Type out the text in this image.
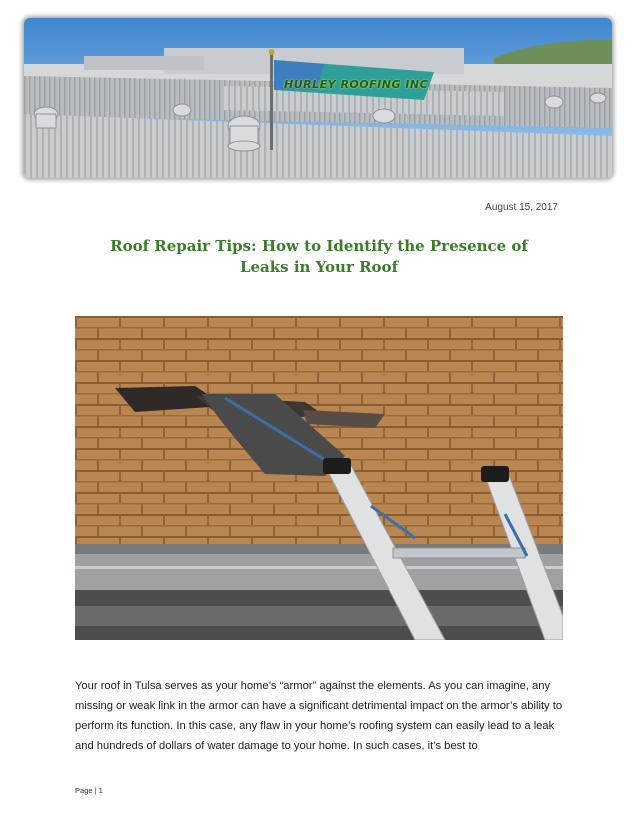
HURLEY ROOFING INC
August 15, 2017
Roof Repair Tips: How to Identify the Presence of Leaks in Your Roof

Your roof in Tulsa serves as your home’s “armor” against the elements. As you can imagine, any missing or weak link in the armor can have a significant detrimental impact on the armor’s ability to perform its function. In this case, any flaw in your home’s roofing system can easily lead to a leak and hundreds of dollars of water damage to your home. In such cases, it’s best to

Page | 1
